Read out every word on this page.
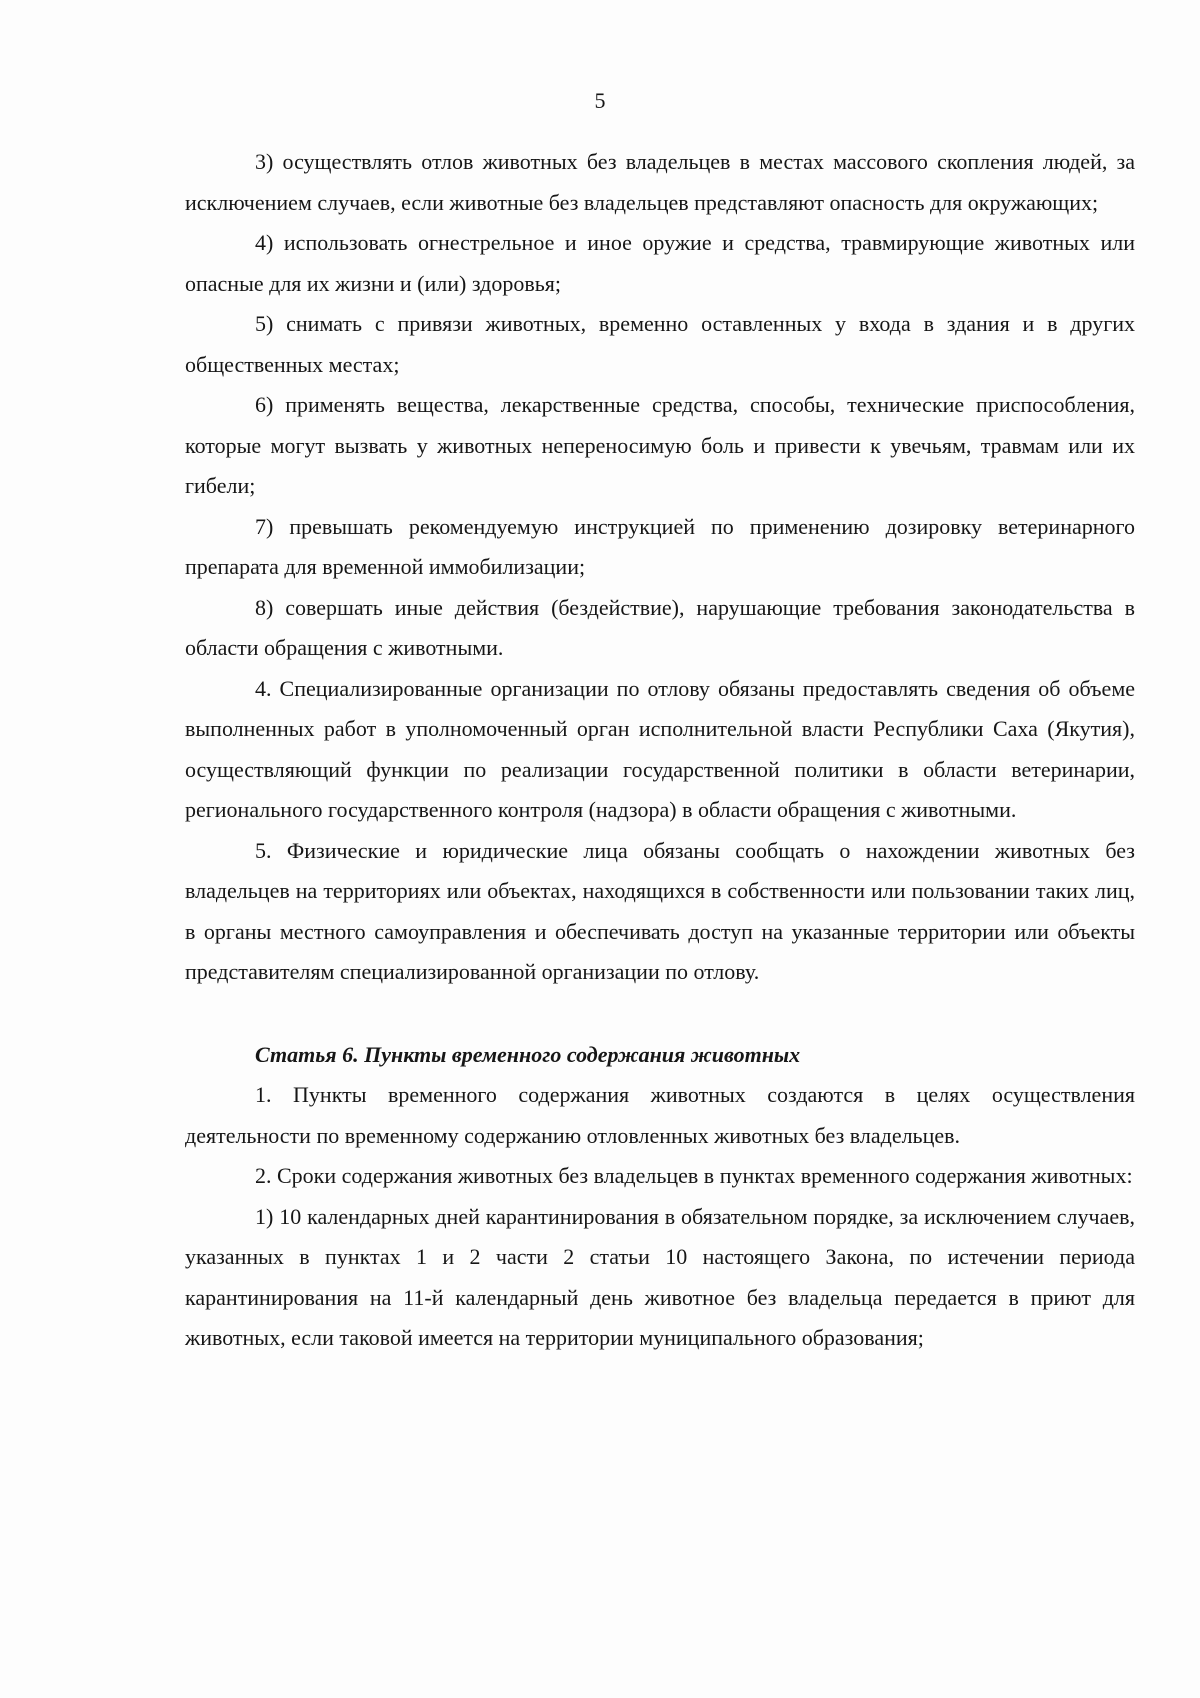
5

3) осуществлять отлов животных без владельцев в местах массового скопления людей, за исключением случаев, если животные без владельцев представляют опасность для окружающих;

4) использовать огнестрельное и иное оружие и средства, травмирующие животных или опасные для их жизни и (или) здоровья;

5) снимать с привязи животных, временно оставленных у входа в здания и в других общественных местах;

6) применять вещества, лекарственные средства, способы, технические приспособления, которые могут вызвать у животных непереносимую боль и привести к увечьям, травмам или их гибели;

7) превышать рекомендуемую инструкцией по применению дозировку ветеринарного препарата для временной иммобилизации;

8) совершать иные действия (бездействие), нарушающие требования законодательства в области обращения с животными.

4. Специализированные организации по отлову обязаны предоставлять сведения об объеме выполненных работ в уполномоченный орган исполнительной власти Республики Саха (Якутия), осуществляющий функции по реализации государственной политики в области ветеринарии, регионального государственного контроля (надзора) в области обращения с животными.

5. Физические и юридические лица обязаны сообщать о нахождении животных без владельцев на территориях или объектах, находящихся в собственности или пользовании таких лиц, в органы местного самоуправления и обеспечивать доступ на указанные территории или объекты представителям специализированной организации по отлову.

Статья 6. Пункты временного содержания животных

1. Пункты временного содержания животных создаются в целях осуществления деятельности по временному содержанию отловленных животных без владельцев.

2. Сроки содержания животных без владельцев в пунктах временного содержания животных:

1) 10 календарных дней карантинирования в обязательном порядке, за исключением случаев, указанных в пунктах 1 и 2 части 2 статьи 10 настоящего Закона, по истечении периода карантинирования на 11-й календарный день животное без владельца передается в приют для животных, если таковой имеется на территории муниципального образования;
